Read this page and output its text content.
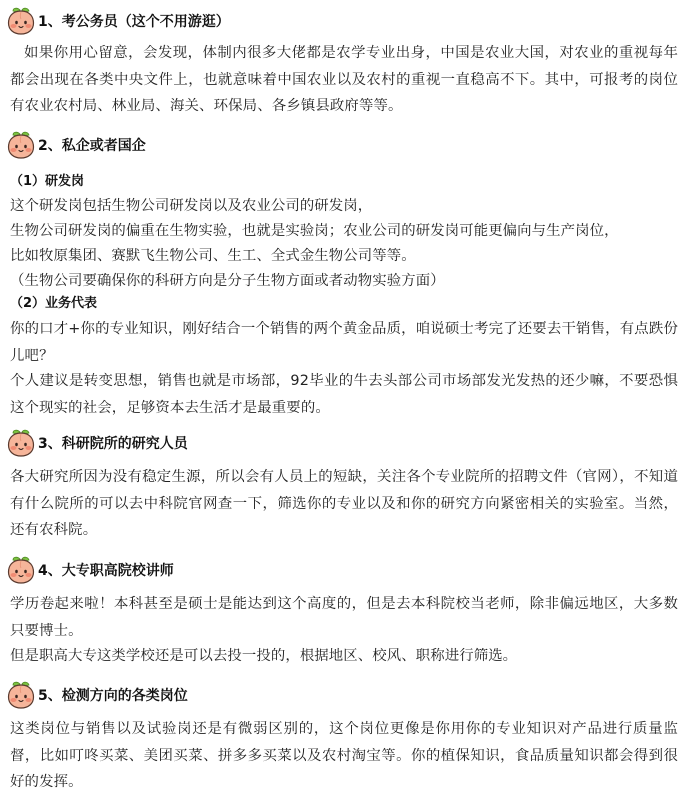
1、考公务员（这个不用游逛）
如果你用心留意，会发现，体制内很多大佬都是农学专业出身，中国是农业大国，对农业的重视每年都会出现在各类中央文件上，也就意味着中国农业以及农村的重视一直稳高不下。其中，可报考的岗位有农业农村局、林业局、海关、环保局、各乡镇县政府等等。
2、私企或者国企
（1）研发岗
这个研发岗包括生物公司研发岗以及农业公司的研发岗，
生物公司研发岗的偏重在生物实验，也就是实验岗；农业公司的研发岗可能更偏向与生产岗位，
比如牧原集团、赛默飞生物公司、生工、全式金生物公司等等。
（生物公司要确保你的科研方向是分子生物方面或者动物实验方面）
（2）业务代表
你的口才+你的专业知识，刚好结合一个销售的两个黄金品质，咱说硕士考完了还要去干销售，有点跌份儿吧？
个人建议是转变思想，销售也就是市场部，92毕业的牛去头部公司市场部发光发热的还少嘛，不要恐惧这个现实的社会，足够资本去生活才是最重要的。
3、科研院所的研究人员
各大研究所因为没有稳定生源，所以会有人员上的短缺，关注各个专业院所的招聘文件（官网），不知道有什么院所的可以去中科院官网查一下，筛选你的专业以及和你的研究方向紧密相关的实验室。当然，还有农科院。
4、大专职高院校讲师
学历卷起来啦！本科甚至是硕士是能达到这个高度的，但是去本科院校当老师，除非偏远地区，大多数只要博士。
但是职高大专这类学校还是可以去投一投的，根据地区、校风、职称进行筛选。
5、检测方向的各类岗位
这类岗位与销售以及试验岗还是有微弱区别的，这个岗位更像是你用你的专业知识对产品进行质量监督，比如叮咚买菜、美团买菜、拼多多买菜以及农村淘宝等。你的植保知识，食品质量知识都会得到很好的发挥。
